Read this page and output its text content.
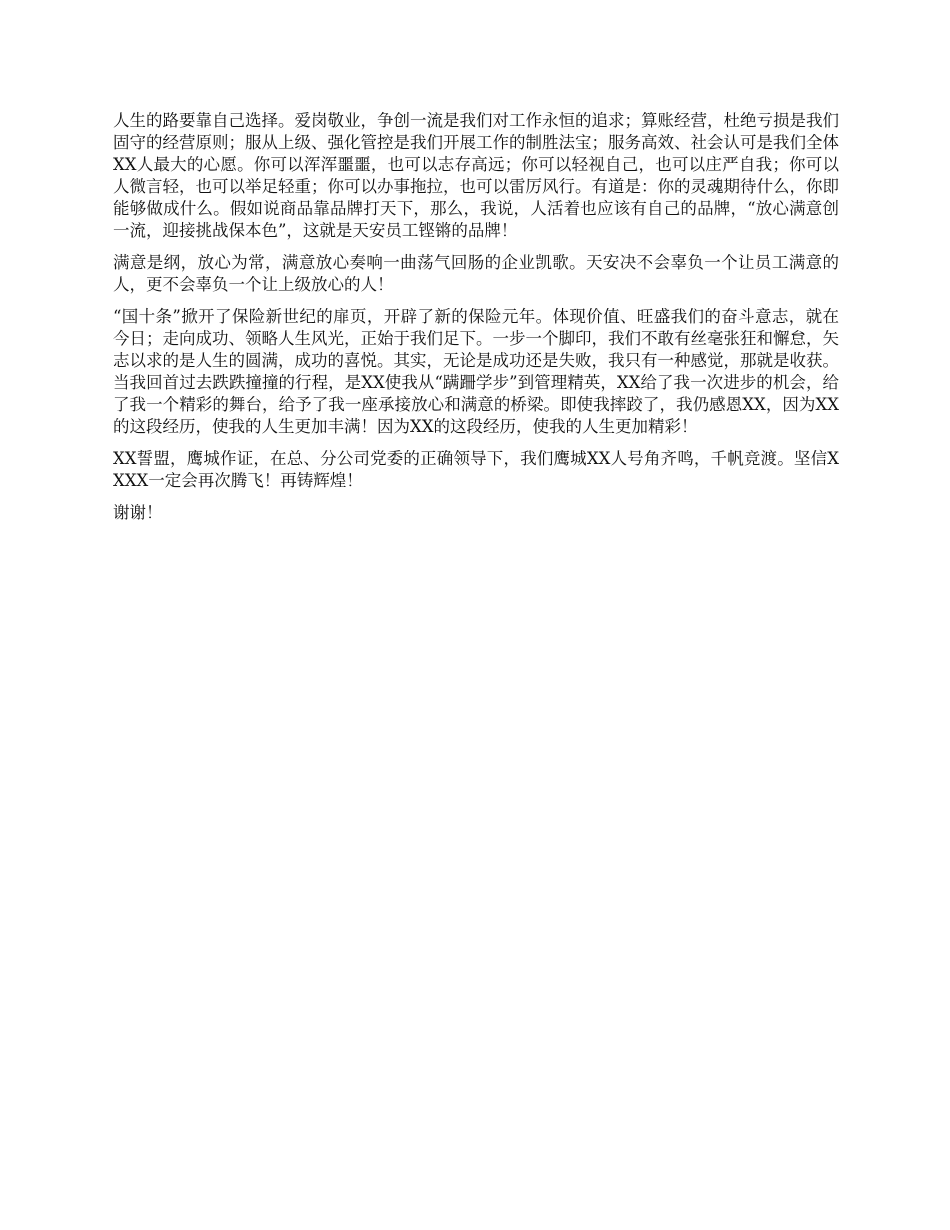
人生的路要靠自己选择。爱岗敬业，争创一流是我们对工作永恒的追求；算账经营，杜绝亏损是我们固守的经营原则；服从上级、强化管控是我们开展工作的制胜法宝；服务高效、社会认可是我们全体XX人最大的心愿。你可以浑浑噩噩，也可以志存高远；你可以轻视自己，也可以庄严自我；你可以人微言轻，也可以举足轻重；你可以办事拖拉，也可以雷厉风行。有道是：你的灵魂期待什么，你即能够做成什么。假如说商品靠品牌打天下，那么，我说，人活着也应该有自己的品牌，“放心满意创一流，迎接挑战保本色”，这就是天安员工铿锵的品牌！

满意是纲，放心为常，满意放心奏响一曲荡气回肠的企业凯歌。天安决不会辜负一个让员工满意的人，更不会辜负一个让上级放心的人！

“国十条”掀开了保险新世纪的扉页，开辟了新的保险元年。体现价值、旺盛我们的奋斗意志，就在今日；走向成功、领略人生风光，正始于我们足下。一步一个脚印，我们不敢有丝毫张狂和懈怠，矢志以求的是人生的圆满，成功的喜悦。其实，无论是成功还是失败，我只有一种感觉，那就是收获。当我回首过去跌跌撞撞的行程，是XX使我从“蹒跚学步”到管理精英，XX给了我一次进步的机会，给了我一个精彩的舞台，给予了我一座承接放心和满意的桥梁。即使我摔跤了，我仍感恩XX，因为XX的这段经历，使我的人生更加丰满！因为XX的这段经历，使我的人生更加精彩！

XX誓盟，鹰城作证，在总、分公司党委的正确领导下，我们鹰城XX人号角齐鸣，千帆竞渡。坚信XXXX一定会再次腾飞！再铸辉煌！

谢谢！
